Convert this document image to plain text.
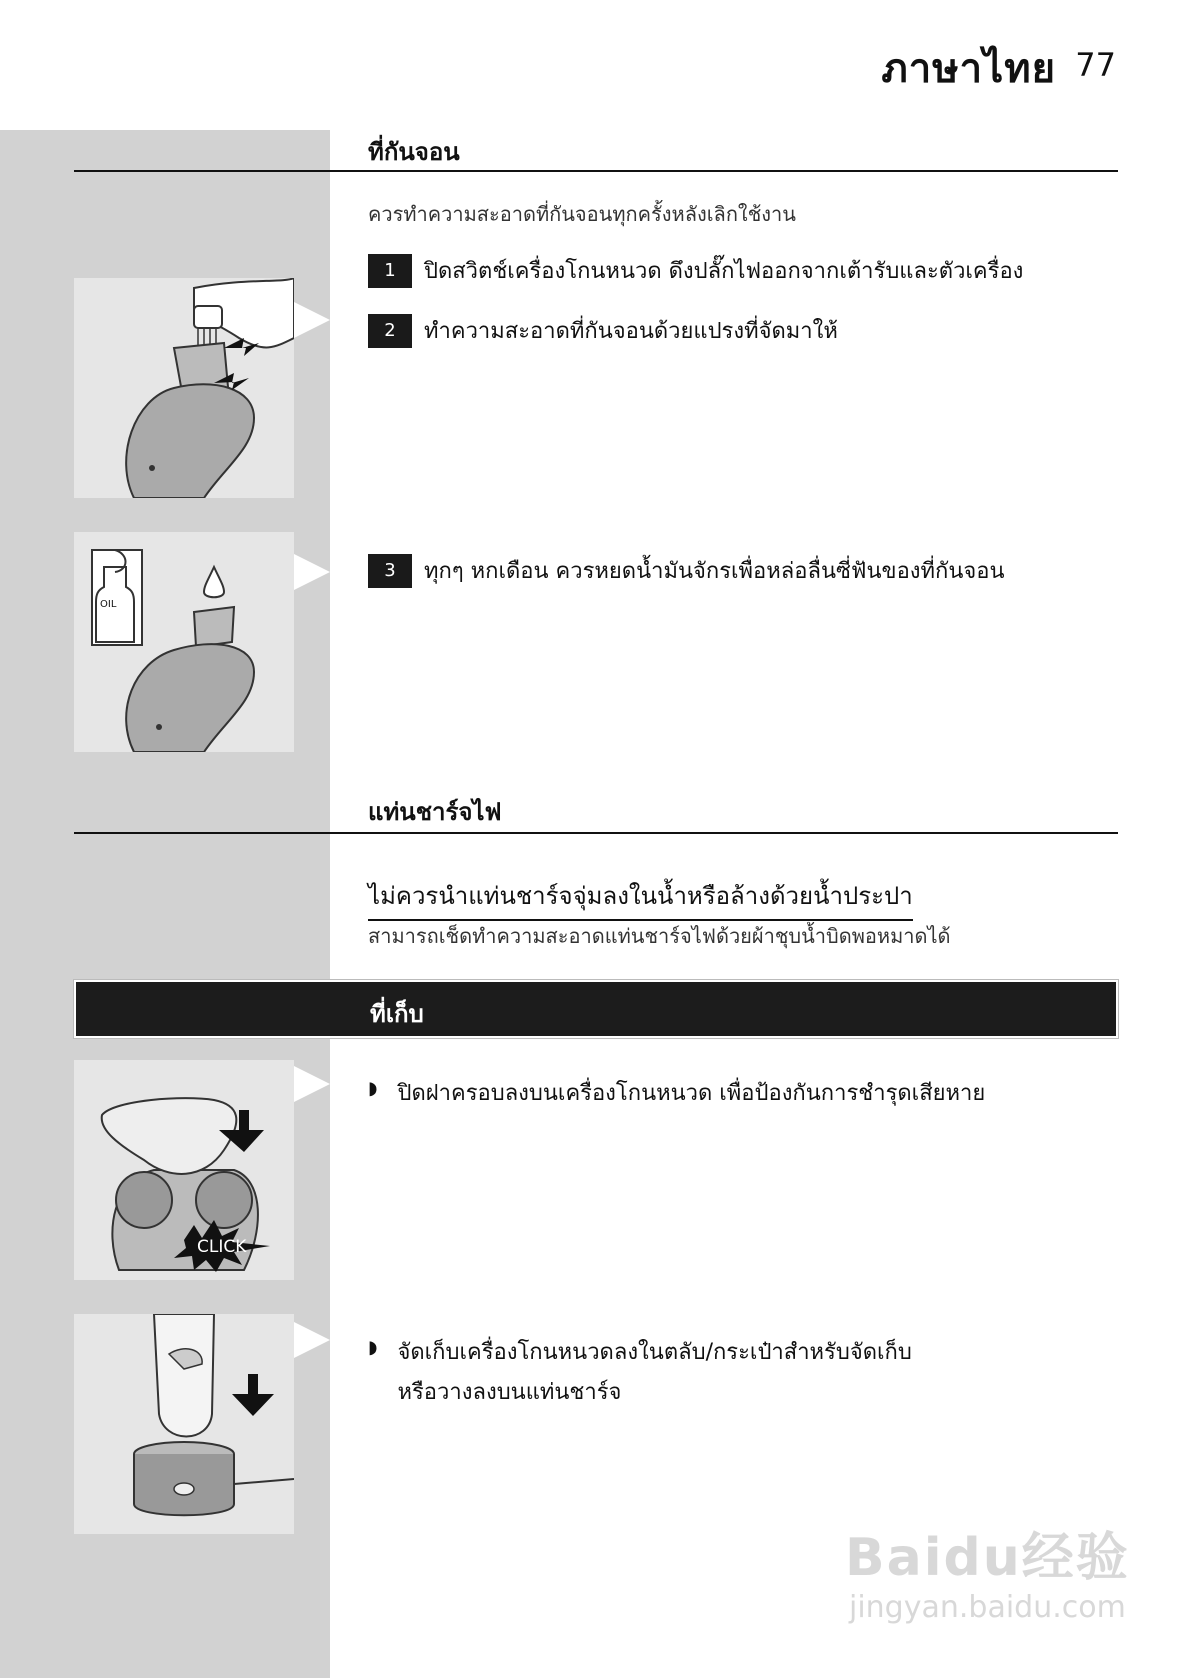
ภาษาไทย 77
ที่กันจอน
ควรทำความสะอาดที่กันจอนทุกครั้งหลังเลิกใช้งาน
1	ปิดสวิตช์เครื่องโกนหนวด ดึงปลั๊กไฟออกจากเต้ารับและตัวเครื่อง
2	ทำความสะอาดที่กันจอนด้วยแปรงที่จัดมาให้
3	ทุกๆ หกเดือน ควรหยดน้ำมันจักรเพื่อหล่อลื่นซี่ฟันของที่กันจอน
OIL
แท่นชาร์จไฟ
ไม่ควรนำแท่นชาร์จจุ่มลงในน้ำหรือล้างด้วยน้ำประปา
สามารถเช็ดทำความสะอาดแท่นชาร์จไฟด้วยผ้าชุบน้ำบิดพอหมาดได้
ที่เก็บ
◗ ปิดฝาครอบลงบนเครื่องโกนหนวด เพื่อป้องกันการชำรุดเสียหาย
◗ จัดเก็บเครื่องโกนหนวดลงในตลับ/กระเป๋าสำหรับจัดเก็บ
หรือวางลงบนแท่นชาร์จ
CLICK
Baidu经验
jingyan.baidu.com
